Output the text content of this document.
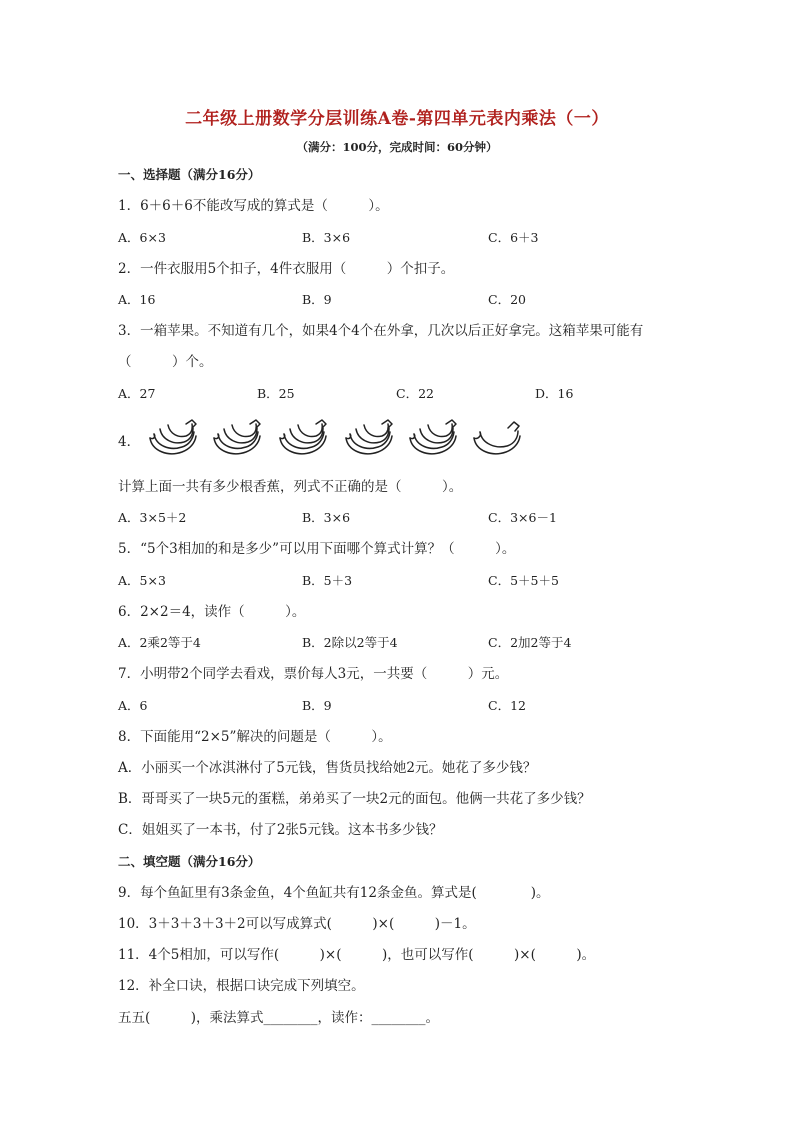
二年级上册数学分层训练A卷-第四单元表内乘法（一）
（满分：100分，完成时间：60分钟）
一、选择题（满分16分）
1．6＋6＋6不能改写成的算式是（　　　）。
A．6×3	B．3×6	C．6＋3
2．一件衣服用5个扣子，4件衣服用（　　　）个扣子。
A．16	B．9	C．20
3．一箱苹果。不知道有几个，如果4个4个在外拿，几次以后正好拿完。这箱苹果可能有
（　　　）个。
A．27	B．25	C．22	D．16
4．
计算上面一共有多少根香蕉，列式不正确的是（　　　）。
A．3×5＋2	B．3×6	C．3×6－1
5．“5个3相加的和是多少”可以用下面哪个算式计算？（　　　）。
A．5×3	B．5＋3	C．5＋5＋5
6．2×2＝4，读作（　　　）。
A．2乘2等于4	B．2除以2等于4	C．2加2等于4
7．小明带2个同学去看戏，票价每人3元，一共要（　　　）元。
A．6	B．9	C．12
8．下面能用“2×5”解决的问题是（　　　）。
A．小丽买一个冰淇淋付了5元钱，售货员找给她2元。她花了多少钱？
B．哥哥买了一块5元的蛋糕，弟弟买了一块2元的面包。他俩一共花了多少钱？
C．姐姐买了一本书，付了2张5元钱。这本书多少钱？
二、填空题（满分16分）
9．每个鱼缸里有3条金鱼，4个鱼缸共有12条金鱼。算式是(　　　　)。
10．3＋3＋3＋3＋2可以写成算式(　　　)×(　　　)－1。
11．4个5相加，可以写作(　　　)×(　　　)，也可以写作(　　　)×(　　　)。
12．补全口诀，根据口诀完成下列填空。
五五(　　　)，乘法算式________，读作：________。
